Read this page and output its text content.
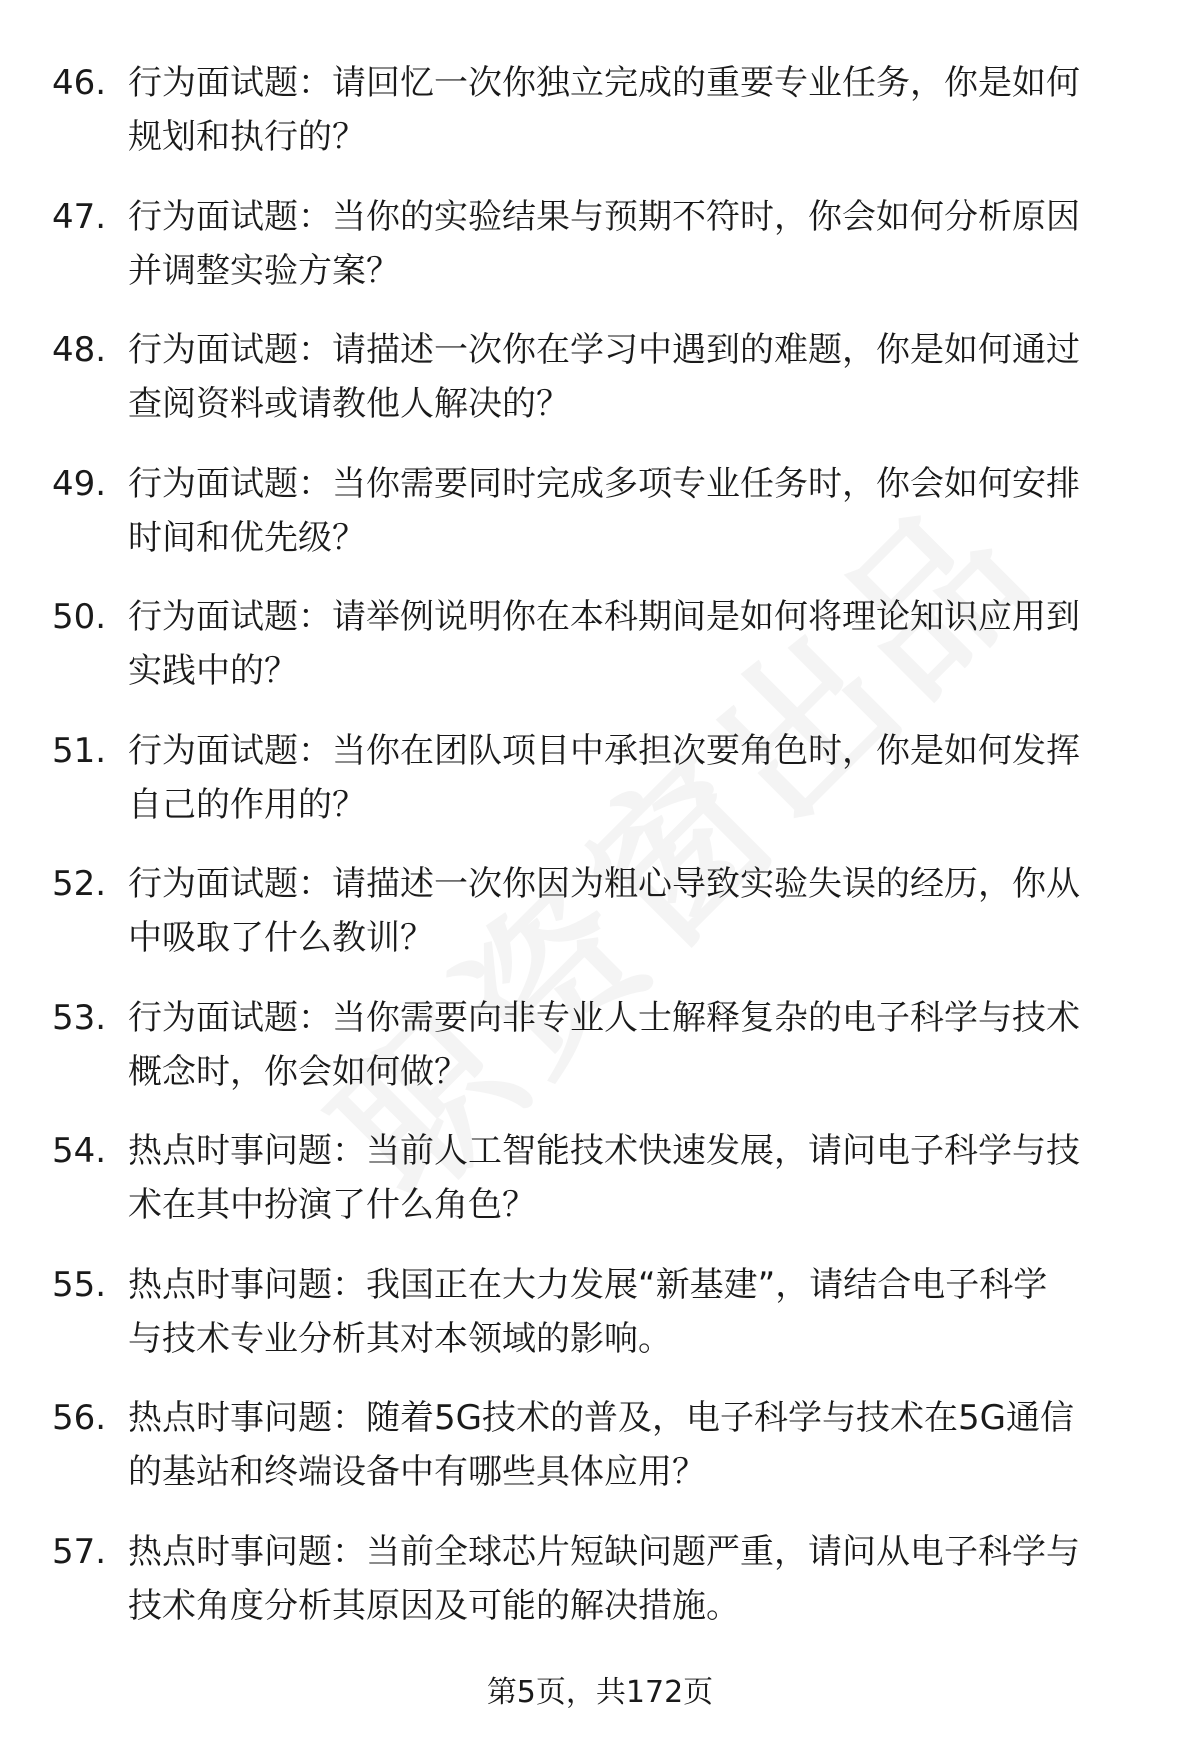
46. 行为面试题：请回忆一次你独立完成的重要专业任务，你是如何
规划和执行的？
47. 行为面试题：当你的实验结果与预期不符时，你会如何分析原因
并调整实验方案？
48. 行为面试题：请描述一次你在学习中遇到的难题，你是如何通过
查阅资料或请教他人解决的？
49. 行为面试题：当你需要同时完成多项专业任务时，你会如何安排
时间和优先级？
50. 行为面试题：请举例说明你在本科期间是如何将理论知识应用到
实践中的？
51. 行为面试题：当你在团队项目中承担次要角色时，你是如何发挥
自己的作用的？
52. 行为面试题：请描述一次你因为粗心导致实验失误的经历，你从
中吸取了什么教训？
53. 行为面试题：当你需要向非专业人士解释复杂的电子科学与技术
概念时，你会如何做？
54. 热点时事问题：当前人工智能技术快速发展，请问电子科学与技
术在其中扮演了什么角色？
55. 热点时事问题：我国正在大力发展“新基建”，请结合电子科学
与技术专业分析其对本领域的影响。
56. 热点时事问题：随着5G技术的普及，电子科学与技术在5G通信
的基站和终端设备中有哪些具体应用？
57. 热点时事问题：当前全球芯片短缺问题严重，请问从电子科学与
技术角度分析其原因及可能的解决措施。
第5页，共172页
